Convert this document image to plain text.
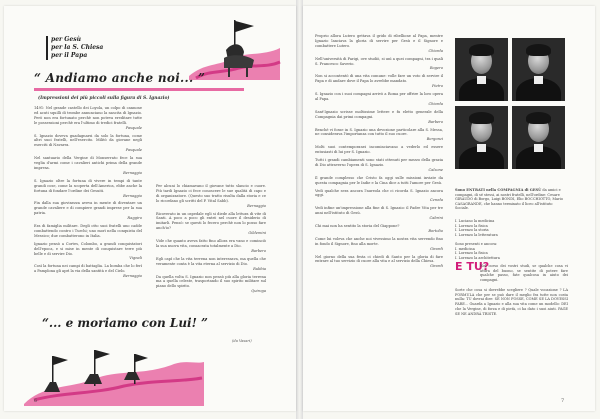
per Gesù
per la S. Chiesa
per il Papa
“ Andiamo anche noi... ”
(Impressioni dei più piccoli sulla figura di S. Ignazio)

1491: Nel grande castello dei Loyola, un colpo di cannone ed acuti squilli di trombe annunciano la nascita di Ignazio. Però non era fortunato perchè non poteva ereditare tutte le possessioni perchè era l'ultimo di tredici fratelli.
Pasquale

S. Ignazio doveva guadagnarsi da solo la fortuna, come altri suoi fratelli, nell'esercito. Militò da giovane negli eserciti di Navarra.
Pasquale

Nel santuario della Vergine di Monserrato fece la sua veglia d'armi come i cavalieri antichi prima della grande impresa.
Bernaggio

S. Ignazio oltre la fortuna di vivere in tempi di tante grandi cose, come la scoperta dell'America, ebbe anche la fortuna di fondare l'ordine dei Gesuiti.
Bernaggio

Fin dalla sua giovinezza aveva in mente di diventare un grande cavaliere e di compiere grandi imprese per la sua patria.
Raggiro

Era di famiglia militare. Degli otto suoi fratelli uno cadde combattendo contro i Turchi; uno morì nella conquista del Messico; due combatterono in Italia.

Ignazio pensò a Cortes, Colombo, a grandi conquistatori dell'epoca, e si mise in mente di conquistare terre più belle e di servire Dio.
Vignali

Così la fortuna nei campi di battaglia. La bomba che lo ferì a Pamplona gli aprì la via della santità e del Cielo.
Bernaggio

Per alcuni lo chiamavano il giovane tutto slancio e cuore. Più tardi Ignazio ci fece conoscere le sue qualità di capo e di organizzatore. (Questo suo tratto risulta dalla storia e ce lo ricordano gli scritti del P. Vital Sabb).
Bernaggio

Ricoverato in un ospedale egli si diede alla lettura di vite di Santi. A poco a poco gli entrò nel cuore il desiderio di imitarli. Pensò: se questi lo fecero perchè non lo posso fare anch'io?
Gildemini

Vide che quanto aveva fatto fino allora era vano e cominciò la sua nuova vita, consacrata totalmente a Dio.
Barbero

Egli capì che la vita terrena non interessava, ma quella che veramente conta è la vita eterna al servizio di Dio.
Rubbia

Da quella volta S. Ignazio non pensò più alla gloria terrena ma a quella celeste, trasportando il suo spirito militare sul piano dello spirito.
Quiroga

“... e moriamo con Lui! ”
(da Vasari)
6

Proprio allora Lutero gettava il grido di ribellione al Papa, mentre Ignazio lanciava la gloria di servire per Gesù e il Signore e combattere Lutero.
Chiorda

Nell'università di Parigi, ove studiò, si unì a quei compagni, tra i quali S. Francesco Saverio.
Rogero

Non si accontentò di una vita comune: volle fare un voto di servire il Papa e di andare dove il Papa lo avrebbe mandato.
Pietro

S. Ignazio con i suoi compagni arrivò a Roma per offrire la loro opera al Papa.
Chiorda

Sant'Ignazio scrisse moltissime lettere e fu eletto generale della Compagnia dai primi compagni.
Barbero

Benchè vi fosse in S. Ignazio una devozione particolare alla S. Messa, ne considerava l'importanza con tutto il suo cuore.
Bergonzi

Molti suoi contemporanei incominciavano a vederlo ed essere entusiasti di lui per S. Ignazio.

Tutti i grandi cambiamenti sono stati ottenuti per mezzo della grazia di Dio attraverso l'opera di S. Ignazio.
Calzone

Il grande complesso che Cristo fa oggi sulle missioni inviate da questa compagnia per le Indie e la Cina dice a tutti l'amore per Gesù.

Vedi qualche sera ancora l'aureola che ci ricorda S. Ignazio ancora oggi.
Cereda

Vedi infine un'impressione alla fine di S. Ignazio: il Padre Vita per tre anni nell'istituto di Gesù.
Cabrini

Chi mai non ha sentito la storia del Giappone?
Bortolio

Come lui voleva che anche noi vivessimo la nostra vita servendo fino in fondo il Signore, fino alla morte.
Girardi

Nel giorno della sua festa ci chiedi di Santo per la gloria di fare entrare al tuo servizio di cuore alla vita e al servizio della Chiesa.
Girardi

Sono ENTRATI nella COMPAGNIA di GESÙ da amici e compagni, di sé stessi, ai nostri fratelli, nell'ordine: Cesare GIRAUDO di Borgo, Luigi BONDI, Elio BOCCHIOTTO, Mario CASAGRANDE, che hanno terminato il liceo all'istituto Sociale.
I. Luciano la medicina
I. Lorenzo la fisica
I. Lorenzo la storia
I. Lorenzo la letteratura
Sono presenti e ancora:
I. medicina
I. Lorenzo la fisica
I. Lorenzo la architettura
E TU?
Nel corso dei vostri studi, se qualche cosa vi attira del buono, se sentite di potere fare qualche passo, fate qualcosa in aiuto dei compagni.
Sorte che cosa si dovrebbe scegliere ? Quale vocazione ? LA FORMULA che per se può dare il meglio fra tutte non costa nulla: TU dovrai dire: SE NON FOSSE, COME SE LA DOVESSI FARE... Guarda a Ignazio e alla sua vita come un modello: DEI che la Vergine, di forza e di pietà, ci ha dato i suoi aiuti. PAGE SE NE ANDRÀ TRISTE.
7
